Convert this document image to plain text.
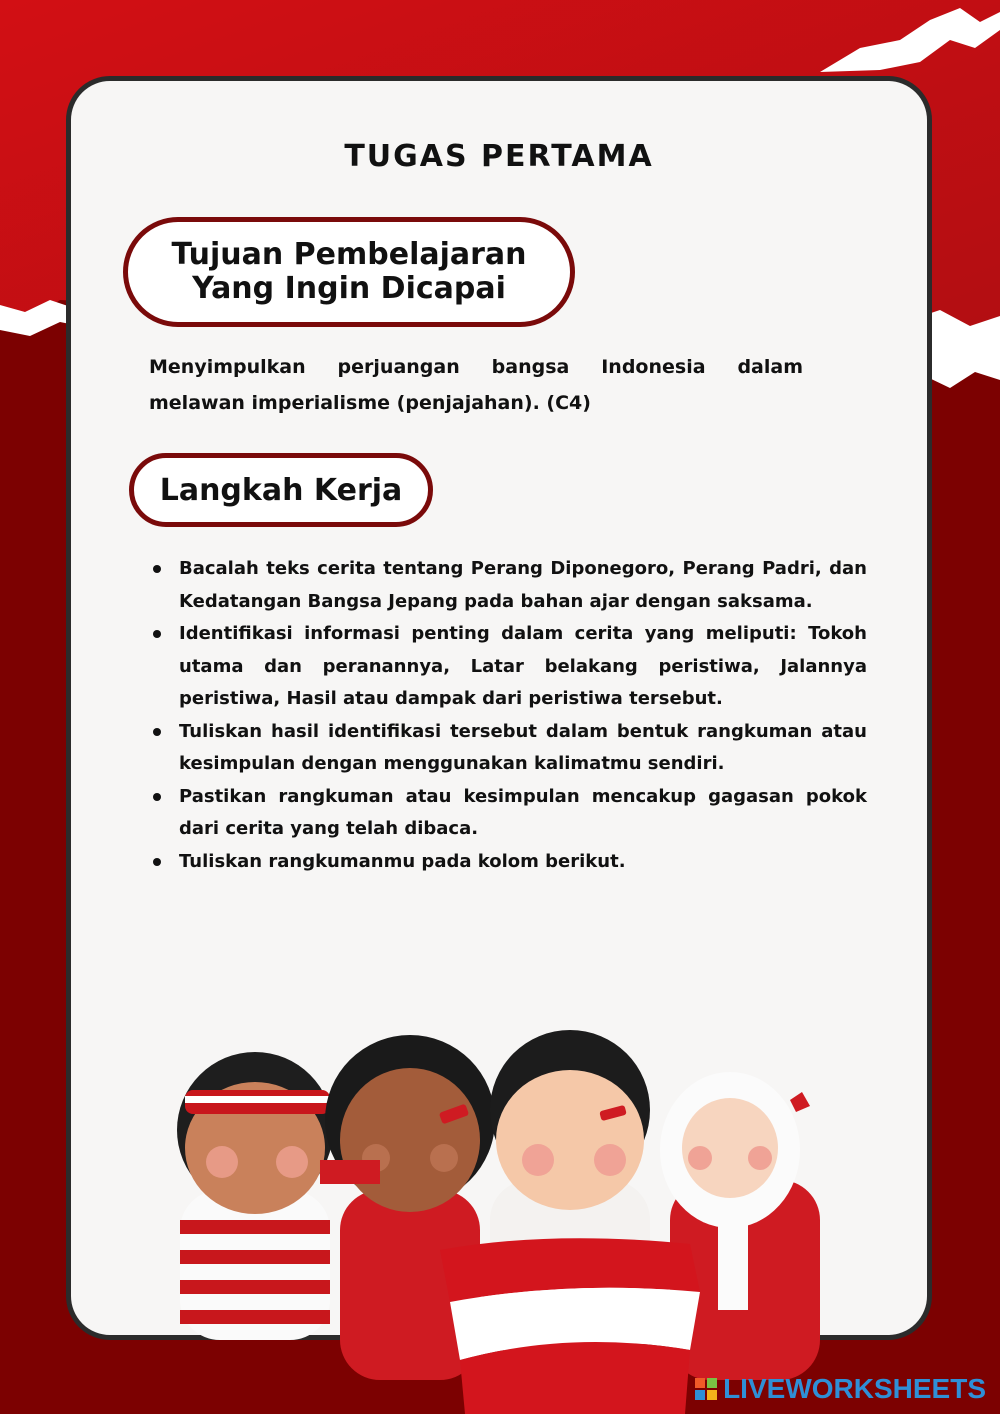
TUGAS PERTAMA
Tujuan Pembelajaran
Yang Ingin Dicapai

Menyimpulkan perjuangan bangsa Indonesia dalam melawan imperialisme (penjajahan). (C4)

Langkah Kerja
Bacalah teks cerita tentang Perang Diponegoro, Perang Padri, dan Kedatangan Bangsa Jepang pada bahan ajar dengan saksama.
Identifikasi informasi penting dalam cerita yang meliputi: Tokoh utama dan peranannya, Latar belakang peristiwa, Jalannya peristiwa, Hasil atau dampak dari peristiwa tersebut.
Tuliskan hasil identifikasi tersebut dalam bentuk rangkuman atau kesimpulan dengan menggunakan kalimatmu sendiri.
Pastikan rangkuman atau kesimpulan mencakup gagasan pokok dari cerita yang telah dibaca.
Tuliskan rangkumanmu pada kolom berikut.
LIVEWORKSHEETS
